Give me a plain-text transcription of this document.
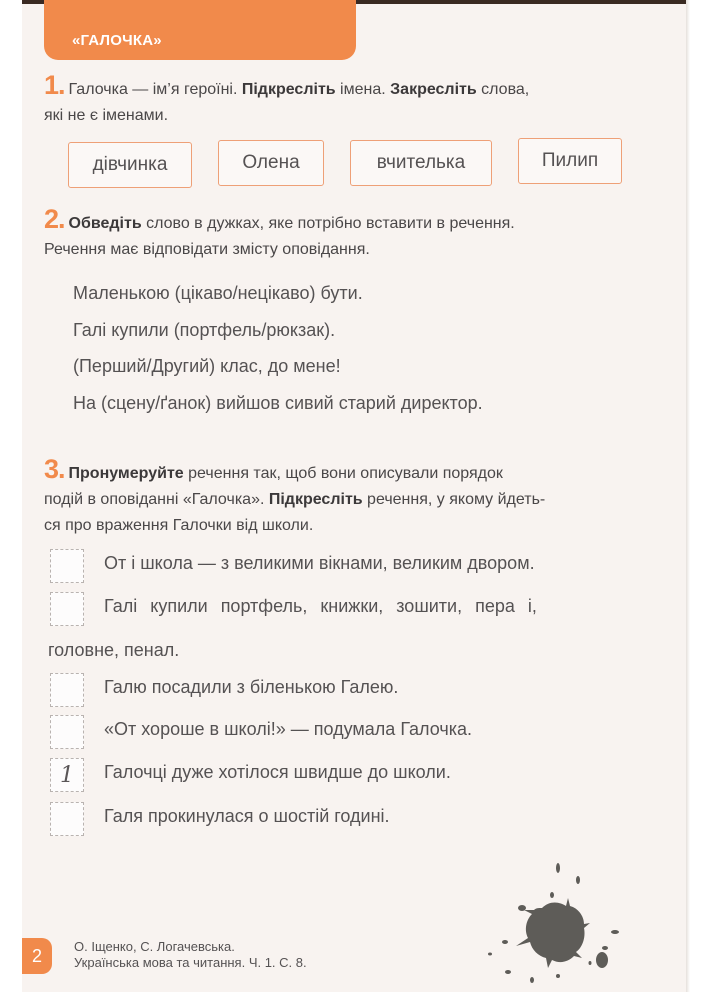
«ГАЛОЧКА»
1. Галочка — ім’я героїні. Підкресліть імена. Закресліть слова,
які не є іменами.
дівчинка	Олена	вчителька	Пилип
2. Обведіть слово в дужках, яке потрібно вставити в речення.
Речення має відповідати змісту оповідання.
Маленькою (цікаво/нецікаво) бути.
Галі купили (портфель/рюкзак).
(Перший/Другий) клас, до мене!
На (сцену/ґанок) вийшов сивий старий директор.
3. Пронумеруйте речення так, щоб вони описували порядок
подій в оповіданні «Галочка». Підкресліть речення, у якому йдеть-
ся про враження Галочки від школи.
От і школа — з великими вікнами, великим двором.
Галі купили портфель, книжки, зошити, пера і,
головне, пенал.
Галю посадили з біленькою Галею.
«От хороше в школі!» — подумала Галочка.
1	Галочці дуже хотілося швидше до школи.
Галя прокинулася о шостій годині.
2	О. Іщенко, С. Логачевська.
Українська мова та читання. Ч. 1. С. 8.
